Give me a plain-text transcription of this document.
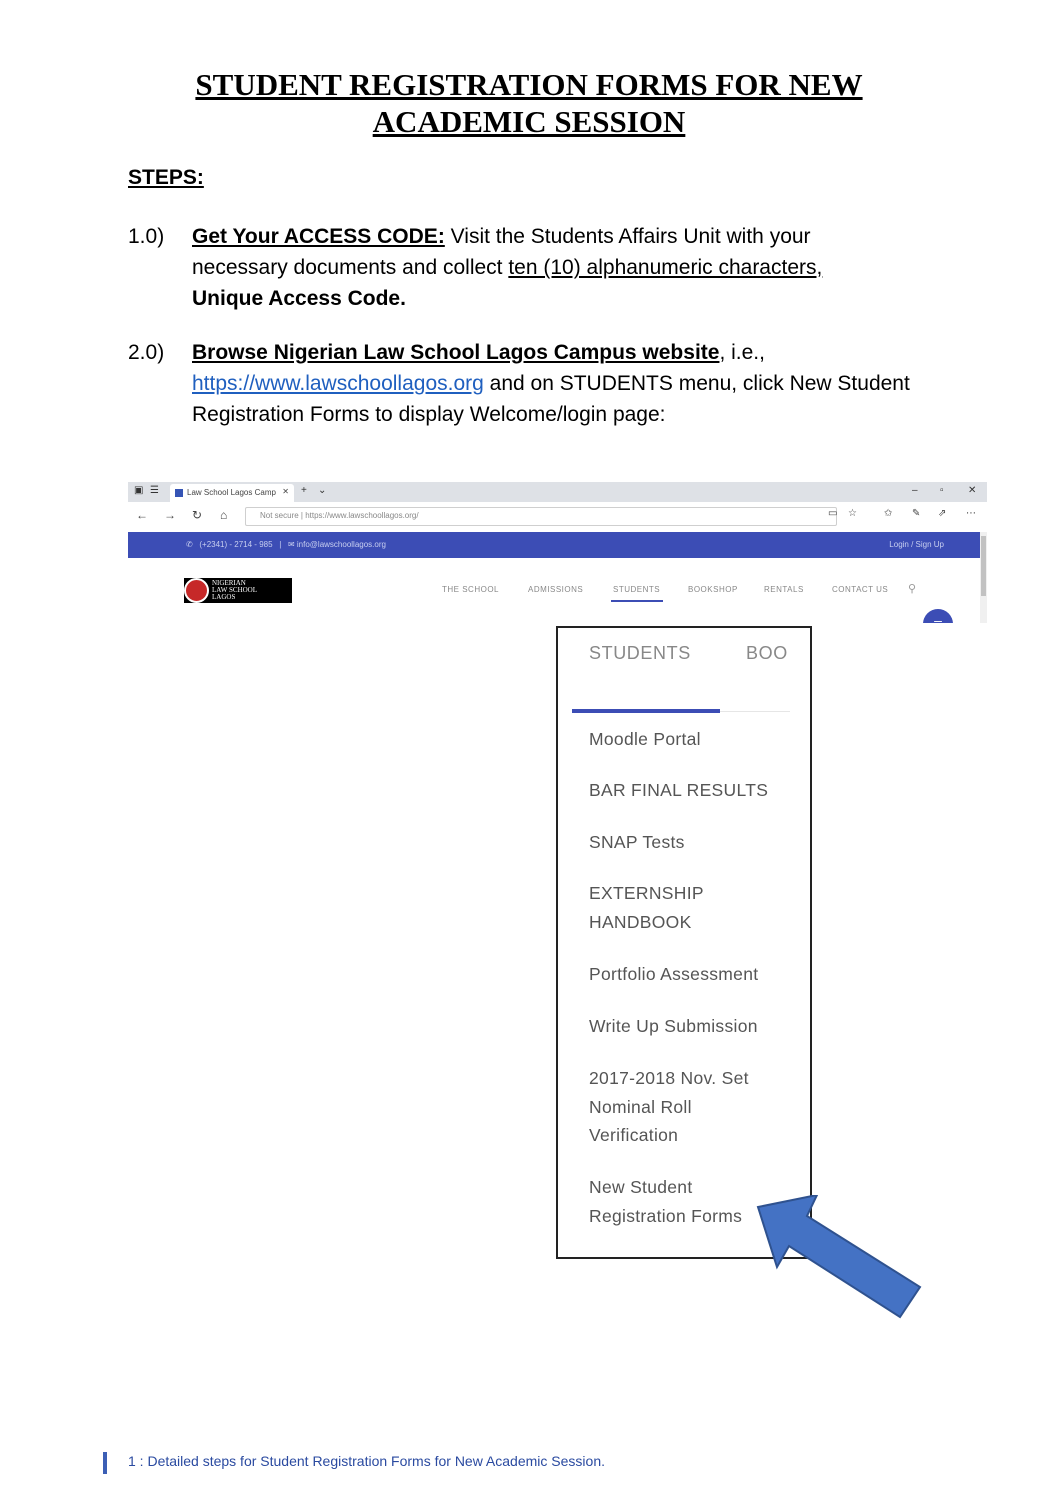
STUDENT REGISTRATION FORMS FOR NEW
ACADEMIC SESSION
STEPS:
1.0) Get Your ACCESS CODE: Visit the Students Affairs Unit with your necessary documents and collect ten (10) alphanumeric characters,
Unique Access Code.
2.0) Browse Nigerian Law School Lagos Campus website, i.e., https://www.lawschoollagos.org and on STUDENTS menu, click New Student Registration Forms to display Welcome/login page:
▣ ☰	Law School Lagos Camp ✕ + ⌄	– ▫ ✕
← → ↻ ⌂	Not secure | https://www.lawschoollagos.org/	▭ ☆	✩ ✎ ⇗ ⋯
✆ (+2341) - 2714 - 985   |   ✉ info@lawschoollagos.org	Login / Sign Up
NIGERIAN
LAW SCHOOL
LAGOS
THE SCHOOL	ADMISSIONS	STUDENTS	BOOKSHOP	RENTALS	CONTACT US ⚲
–
STUDENTS	BOO
Moodle Portal
BAR FINAL RESULTS
SNAP Tests
EXTERNSHIP HANDBOOK
Portfolio Assessment
Write Up Submission
2017-2018 Nov. Set Nominal Roll Verification
New Student Registration Forms
1 : Detailed steps for Student Registration Forms for New Academic Session.
